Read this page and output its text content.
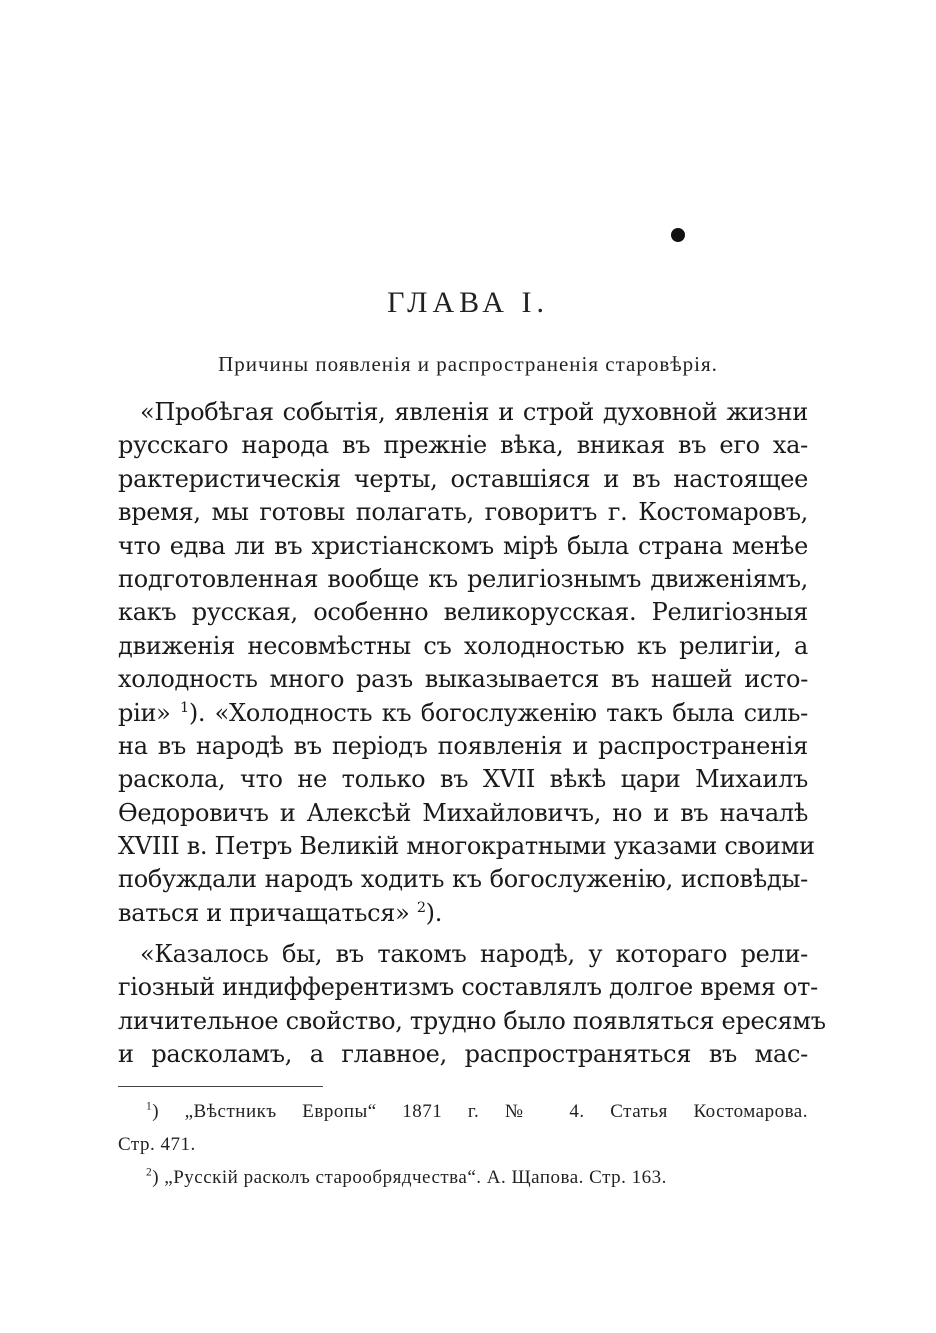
ГЛАВА I.
Причины появленія и распространенія старовѣрія.
«Пробѣгая событія, явленія и строй духовной жизни
русскаго народа въ прежніе вѣка, вникая въ его ха-
рактеристическія черты, оставшіяся и въ настоящее
время, мы готовы полагать, говоритъ г. Костомаровъ,
что едва ли въ христіанскомъ мірѣ была страна менѣе
подготовленная вообще къ религіознымъ движеніямъ,
какъ русская, особенно великорусская. Религіозныя
движенія несовмѣстны съ холодностью къ религіи, а
холодность много разъ выказывается въ нашей исто-
ріи» $^1$). «Холодность къ богослуженію такъ была силь-
на въ народѣ въ періодъ появленія и распространенія
раскола, что не только въ XVII вѣкѣ цари Михаилъ
Ѳедоровичъ и Алексѣй Михайловичъ, но и въ началѣ
XVIII в. Петръ Великій многократными указами своими
побуждали народъ ходить къ богослуженію, исповѣды-
ваться и причащаться» $^2$).
«Казалось бы, въ такомъ народѣ, у котораго рели-
гіозный индифферентизмъ составлялъ долгое время от-
личительное свойство, трудно было появляться ересямъ
и расколамъ, а главное, распространяться въ мас-
$^1$) „Вѣстникъ Европы“ 1871 г. № 4. Статья Костомарова.
Стр. 471.
$^2$) „Русскій расколъ старообрядчества“. А. Щапова. Стр. 163.
